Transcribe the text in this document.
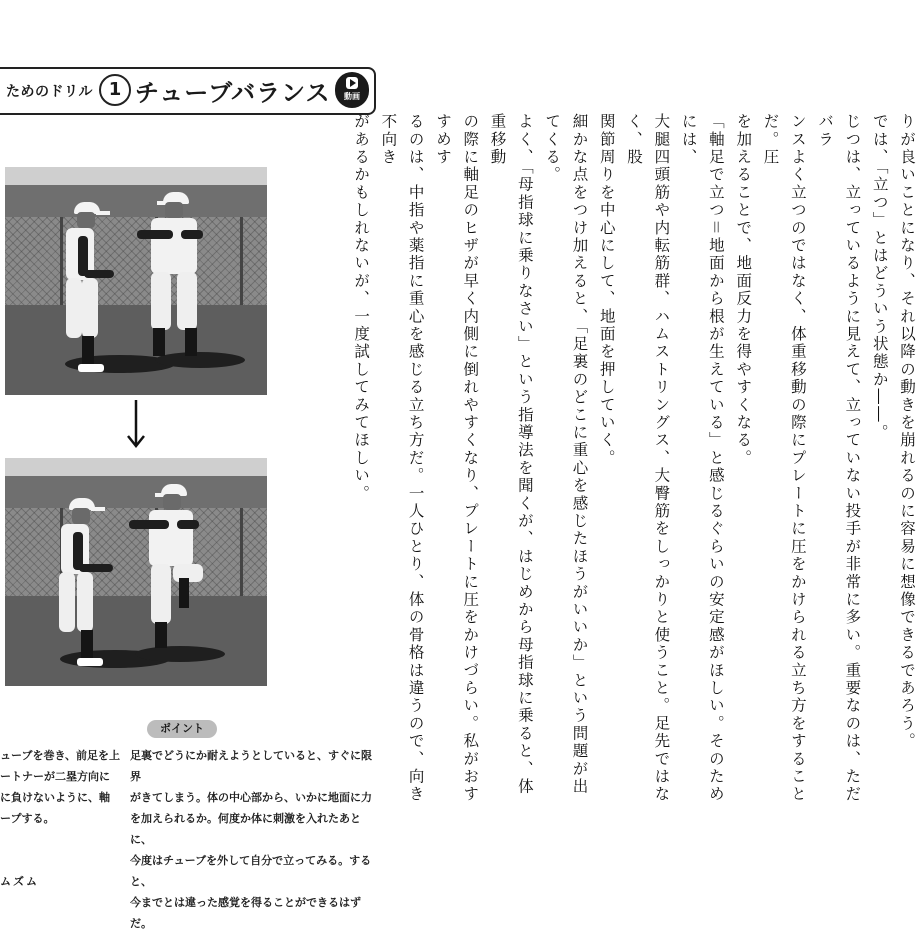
ためのドリル 1 チューブバランス	動画
ューブを巻き、前足を上
ートナーが二塁方向に
に負けないように、軸
ープする。
ポイント
足裏でどうにか耐えようとしていると、すぐに限界
がきてしまう。体の中心部から、いかに地面に力
を加えられるか。何度か体に刺激を入れたあとに、
今度はチューブを外して自分で立ってみる。すると、
今までとは違った感覚を得ることができるはずだ。
ムズム

りが良いことになり、それ以降の動きを崩れるのに容易に想像できるであろう。

では、「立つ」とはどういう状態か――。

じつは、立っているように見えて、立っていない投手が非常に多い。重要なのは、ただバラ

ンスよく立つのではなく、体重移動の際にプレートに圧をかけられる立ち方をすることだ。圧

を加えることで、地面反力を得やすくなる。

「軸足で立つ＝地面から根が生えている」と感じるぐらいの安定感がほしい。そのためには、

大腿四頭筋や内転筋群、ハムストリングス、大臀筋をしっかりと使うこと。足先ではなく、股

関節周りを中心にして、地面を押していく。

細かな点をつけ加えると、「足裏のどこに重心を感じたほうがいいか」という問題が出てくる。

よく、「母指球に乗りなさい」という指導法を聞くが、はじめから母指球に乗ると、体重移動

の際に軸足のヒザが早く内側に倒れやすくなり、プレートに圧をかけづらい。私がおすすめす

るのは、中指や薬指に重心を感じる立ち方だ。一人ひとり、体の骨格は違うので、向き不向き

があるかもしれないが、一度試してみてほしい。
